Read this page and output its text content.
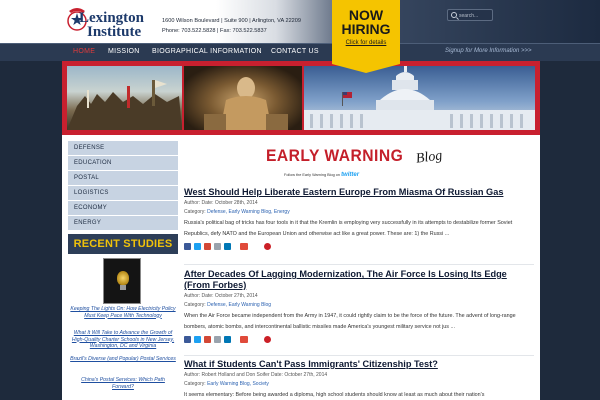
Lexington
Institute
1600 Wilson Boulevard | Suite 900 | Arlington, VA 22209
Phone: 703.522.5828 | Fax: 703.522.5837
search...
NOW
HIRING
Click for details
HOME MISSION BIOGRAPHICAL INFORMATION CONTACT US	Signup for More Information >>>
DEFENSE
EDUCATION
POSTAL
LOGISTICS
ECONOMY
ENERGY
RECENT STUDIES
Keeping The Lights On: How Electricity Policy Must Keep Pace With Technology
What It Will Take to Advance the Growth of High-Quality Charter Schools in New Jersey, Washington, DC and Virginia
Brazil's Diverse (and Popular) Postal Services
China's Postal Services: Which Path Forward?
EARLY WARNING Blog
Follow the Early Warning Blog on twitter
West Should Help Liberate Eastern Europe From Miasma Of Russian Gas
Author: Date: October 28th, 2014
Category: Defense, Early Warning Blog, Energy
Russia's political bag of tricks has four tools in it that the Kremlin is employing very successfully in its attempts to destabilize former Soviet Republics, defy NATO and the European Union and otherwise act like a great power. These are: 1) the Russi ...
After Decades Of Lagging Modernization, The Air Force Is Losing Its Edge (From Forbes)
Author: Date: October 27th, 2014
Category: Defense, Early Warning Blog
When the Air Force became independent from the Army in 1947, it could rightly claim to be the force of the future. The advent of long-range bombers, atomic bombs, and intercontinental ballistic missiles made America's youngest military service not jus ...
What if Students Can't Pass Immigrants' Citizenship Test?
Author: Robert Holland and Don Soifer Date: October 27th, 2014
Category: Early Warning Blog, Society
It seems elementary: Before being awarded a diploma, high school students should know at least as much about their nation's
